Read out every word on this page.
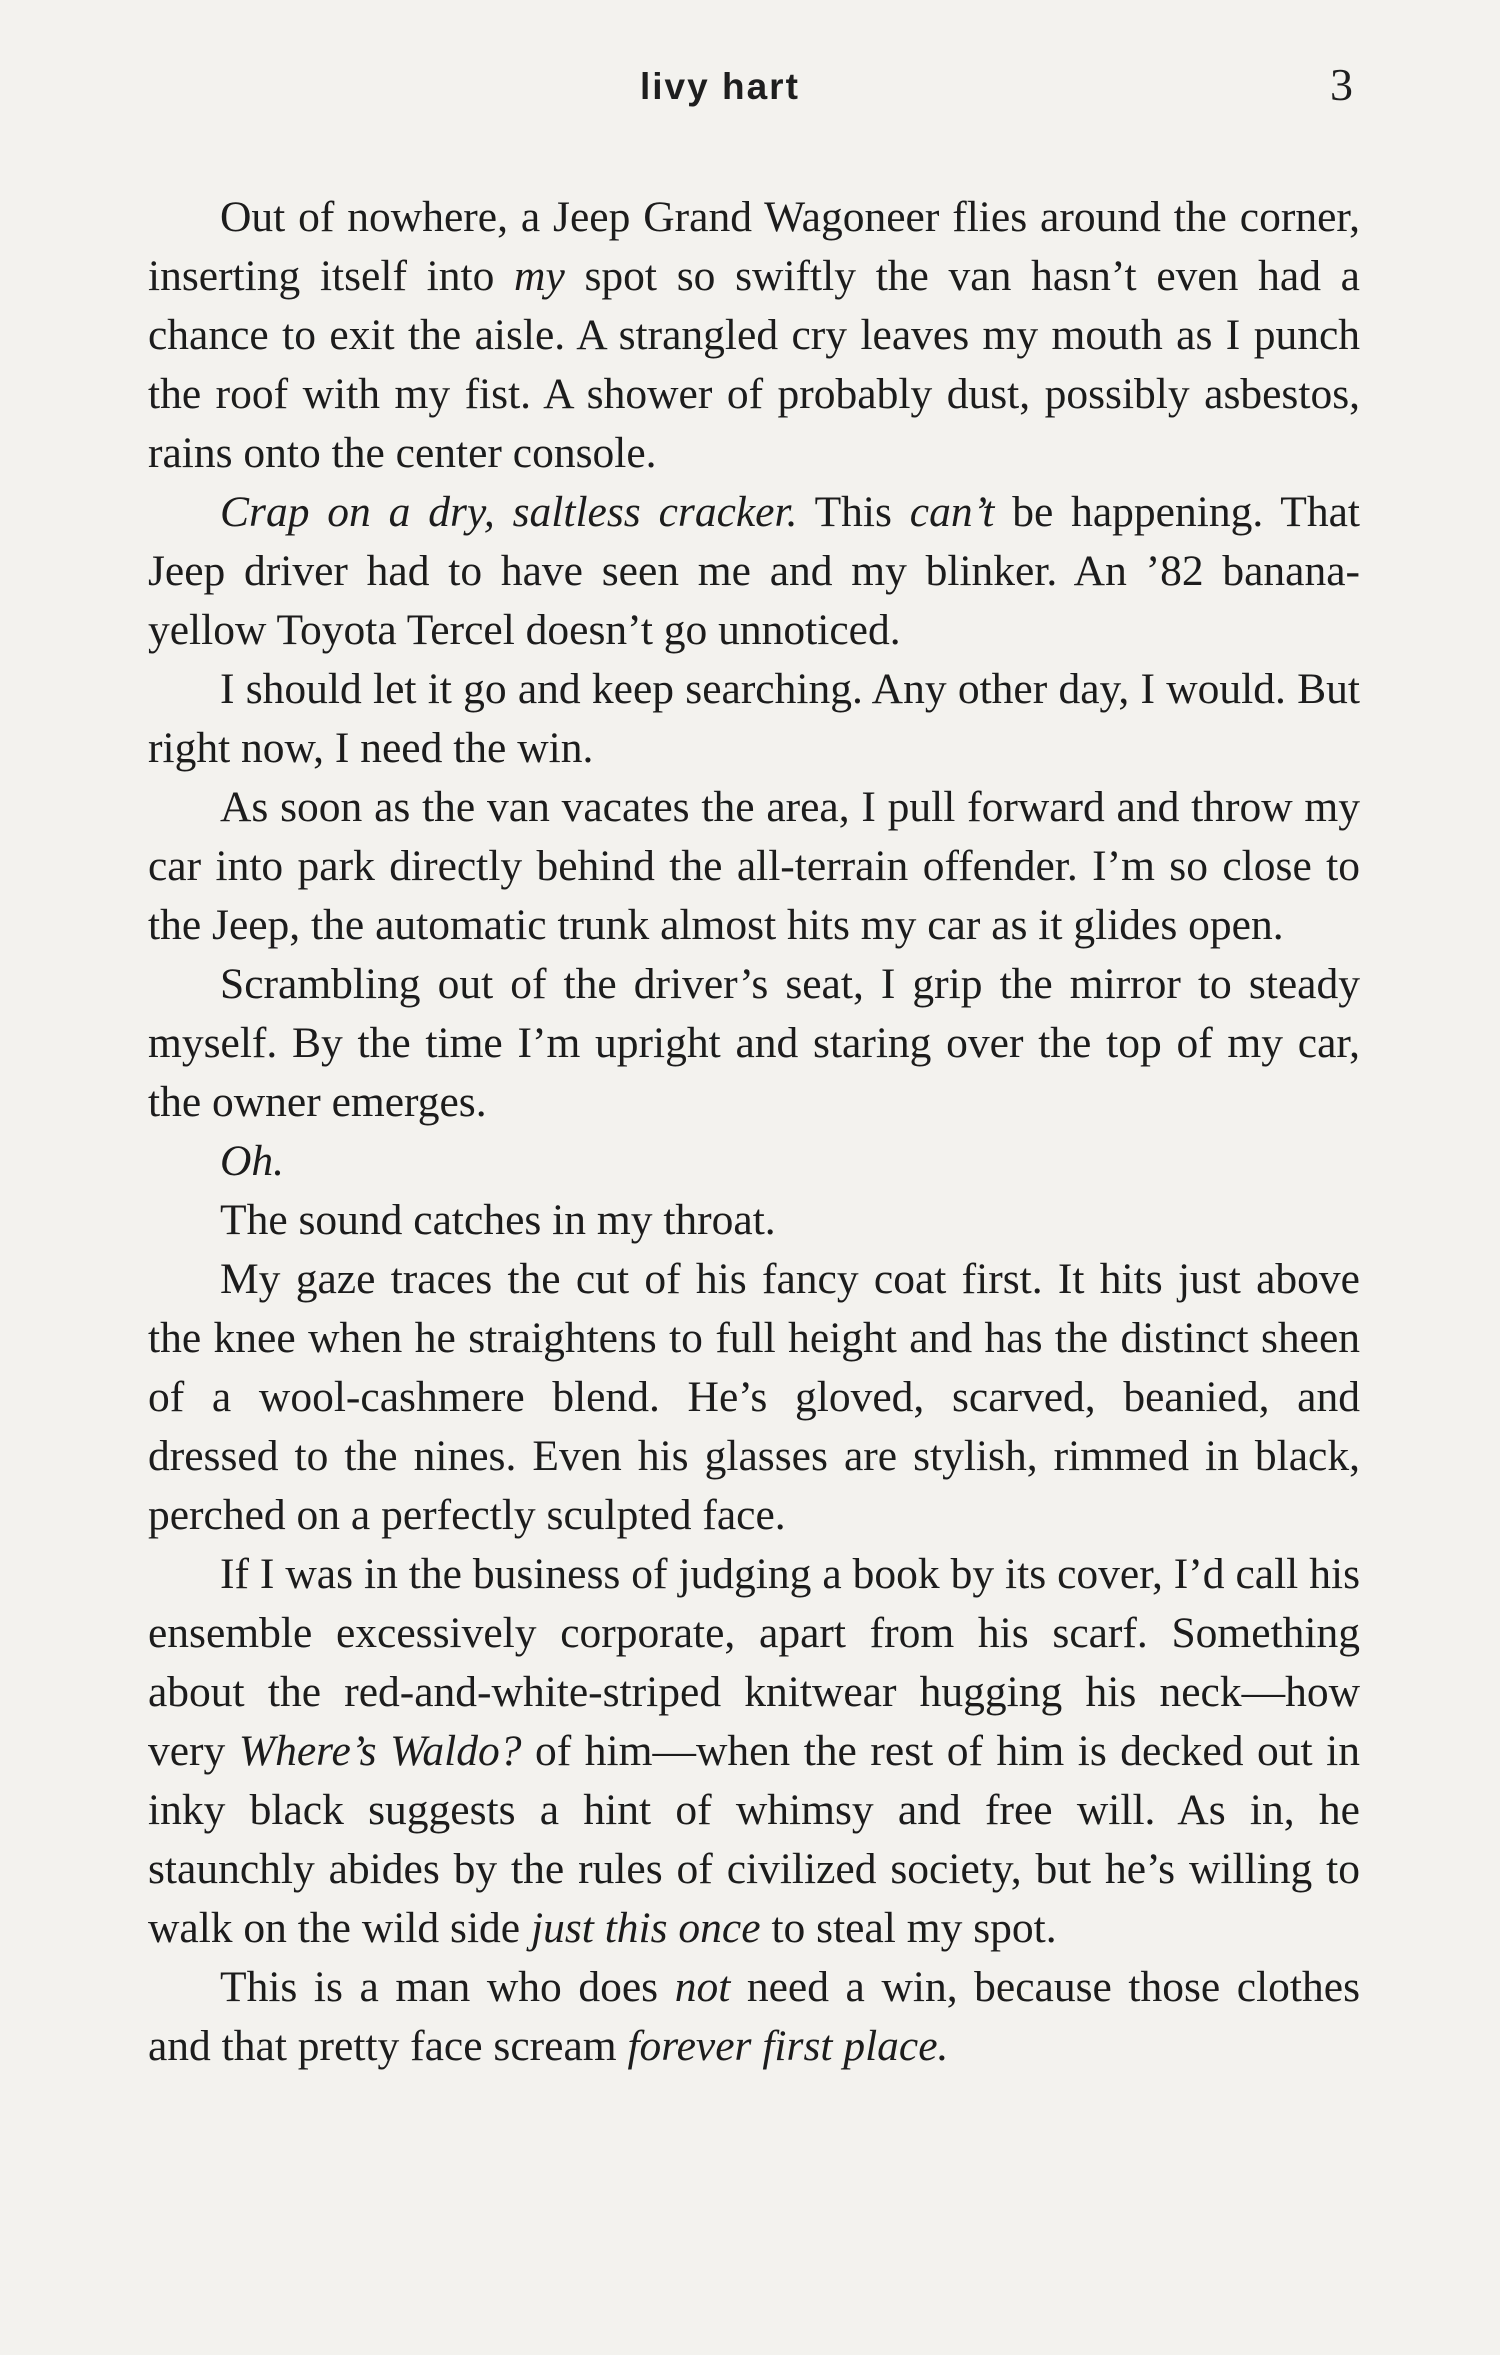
livy hart	3

Out of nowhere, a Jeep Grand Wagoneer flies around the corner, inserting itself into my spot so swiftly the van hasn’t even had a chance to exit the aisle. A strangled cry leaves my mouth as I punch the roof with my fist. A shower of probably dust, possibly asbestos, rains onto the center console.

Crap on a dry, saltless cracker. This can’t be happening. That Jeep driver had to have seen me and my blinker. An ’82 banana-yellow Toyota Tercel doesn’t go unnoticed.

I should let it go and keep searching. Any other day, I would. But right now, I need the win.

As soon as the van vacates the area, I pull forward and throw my car into park directly behind the all-terrain offender. I’m so close to the Jeep, the automatic trunk almost hits my car as it glides open.

Scrambling out of the driver’s seat, I grip the mirror to steady myself. By the time I’m upright and staring over the top of my car, the owner emerges.

Oh.

The sound catches in my throat.

My gaze traces the cut of his fancy coat first. It hits just above the knee when he straightens to full height and has the distinct sheen of a wool-cashmere blend. He’s gloved, scarved, beanied, and dressed to the nines. Even his glasses are stylish, rimmed in black, perched on a perfectly sculpted face.

If I was in the business of judging a book by its cover, I’d call his ensemble excessively corporate, apart from his scarf. Something about the red-and-white-striped knitwear hugging his neck—how very Where’s Waldo? of him—when the rest of him is decked out in inky black suggests a hint of whimsy and free will. As in, he staunchly abides by the rules of civilized society, but he’s willing to walk on the wild side just this once to steal my spot.

This is a man who does not need a win, because those clothes and that pretty face scream forever first place.
